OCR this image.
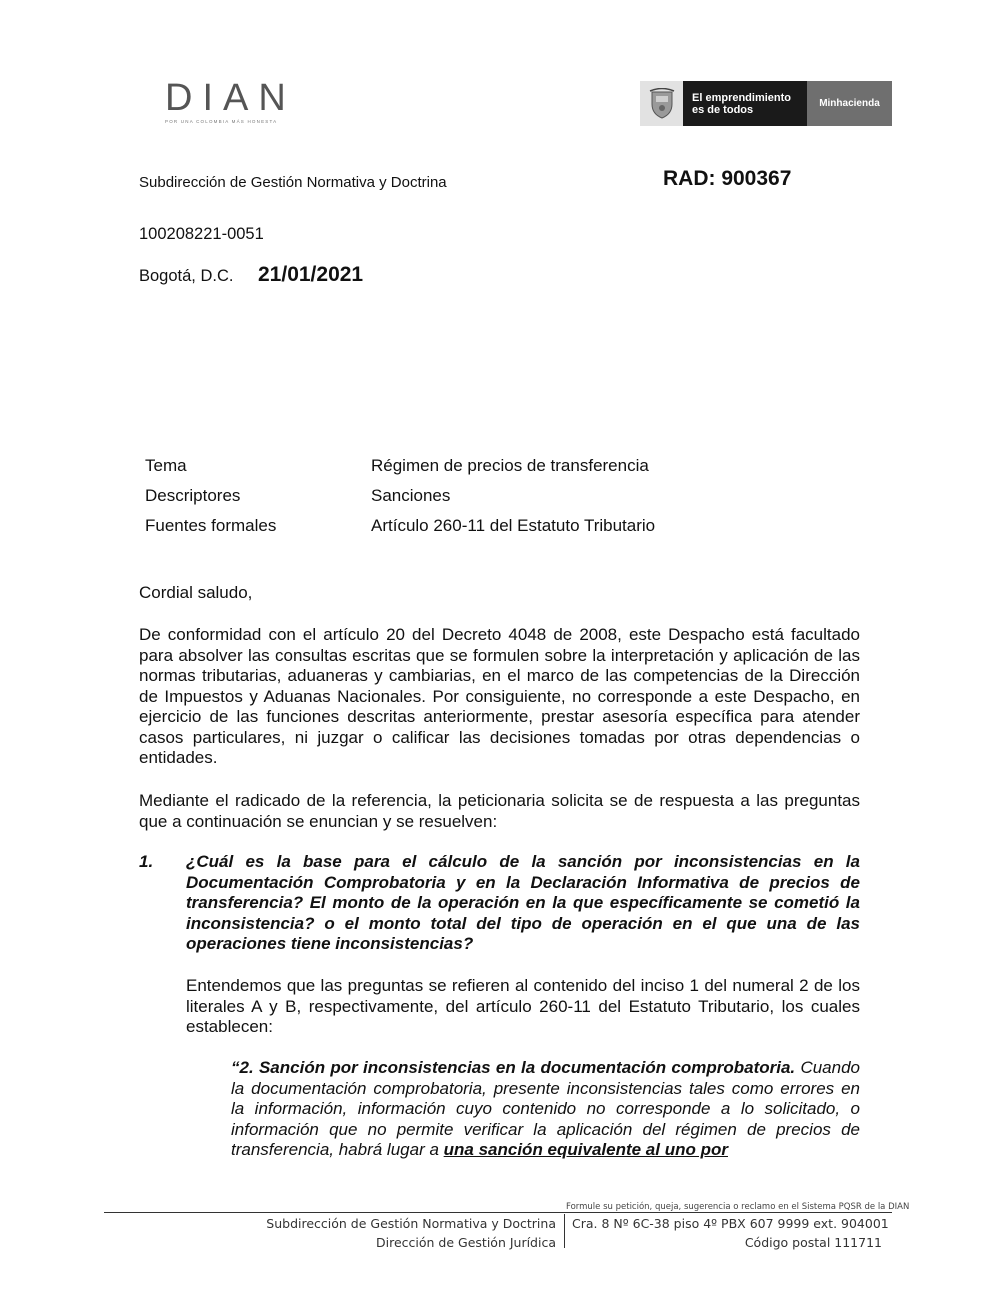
DIAN
POR UNA COLOMBIA MÁS HONESTA
El emprendimiento
es de todos
Minhacienda
Subdirección de Gestión Normativa y Doctrina	RAD: 900367
100208221-0051
Bogotá, D.C. 21/01/2021
Tema	Régimen de precios de transferencia
Descriptores	Sanciones
Fuentes formales	Artículo 260-11 del Estatuto Tributario
Cordial saludo,
De conformidad con el artículo 20 del Decreto 4048 de 2008, este Despacho está facultado para absolver las consultas escritas que se formulen sobre la interpretación y aplicación de las normas tributarias, aduaneras y cambiarias, en el marco de las competencias de la Dirección de Impuestos y Aduanas Nacionales. Por consiguiente, no corresponde a este Despacho, en ejercicio de las funciones descritas anteriormente, prestar asesoría específica para atender casos particulares, ni juzgar o calificar las decisiones tomadas por otras dependencias o entidades.
Mediante el radicado de la referencia, la peticionaria solicita se de respuesta a las preguntas que a continuación se enuncian y se resuelven:
1. ¿Cuál es la base para el cálculo de la sanción por inconsistencias en la Documentación Comprobatoria y en la Declaración Informativa de precios de transferencia? El monto de la operación en la que específicamente se cometió la inconsistencia? o el monto total del tipo de operación en el que una de las operaciones tiene inconsistencias?
Entendemos que las preguntas se refieren al contenido del inciso 1 del numeral 2 de los literales A y B, respectivamente, del artículo 260-11 del Estatuto Tributario, los cuales establecen:
“2. Sanción por inconsistencias en la documentación comprobatoria. Cuando la documentación comprobatoria, presente inconsistencias tales como errores en la información, información cuyo contenido no corresponde a lo solicitado, o información que no permite verificar la aplicación del régimen de precios de transferencia, habrá lugar a una sanción equivalente al uno por
Formule su petición, queja, sugerencia o reclamo en el Sistema PQSR de la DIAN
Subdirección de Gestión Normativa y Doctrina
Dirección de Gestión Jurídica
Cra. 8 Nº 6C-38 piso 4º PBX 607 9999 ext. 904001
Código postal 111711
